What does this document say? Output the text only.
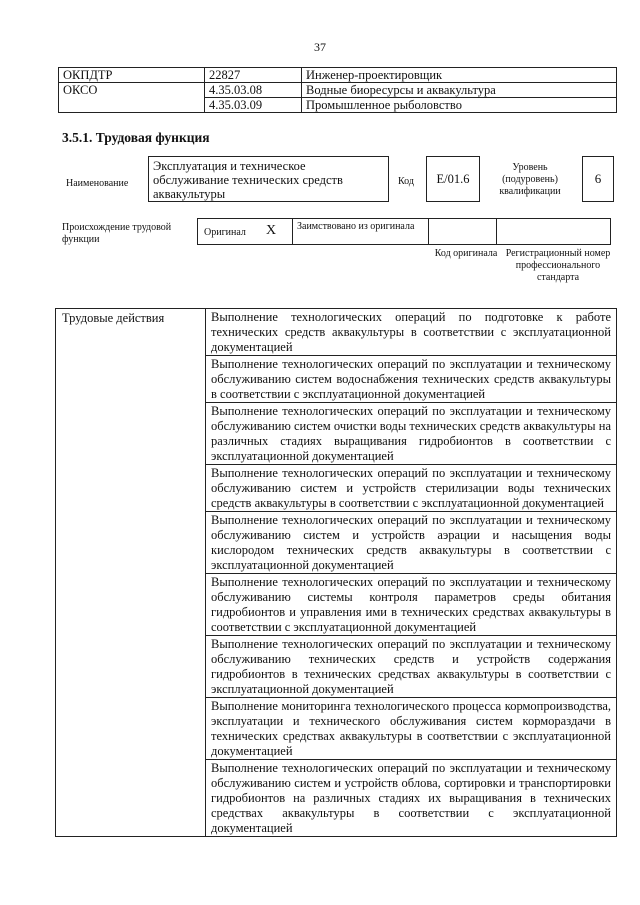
37
ОКПДТР	22827	Инженер-проектировщик
ОКСО	4.35.03.08	Водные биоресурсы и аквакультура
	4.35.03.09	Промышленное рыболовство
3.5.1. Трудовая функция
Наименование
Эксплуатация и техническое обслуживание технических средств аквакультуры
Код	E/01.6
Уровень (подуровень) квалификации
6
Происхождение трудовой функции
Оригинал X Заимствовано из оригинала
Код оригинала Регистрационный номер профессионального стандарта
Трудовые действия	Выполнение технологических операций по подготовке к работе технических средств аквакультуры в соответствии с эксплуатационной документацией
Выполнение технологических операций по эксплуатации и техническому обслуживанию систем водоснабжения технических средств аквакультуры в соответствии с эксплуатационной документацией
Выполнение технологических операций по эксплуатации и техническому обслуживанию систем очистки воды технических средств аквакультуры на различных стадиях выращивания гидробионтов в соответствии с эксплуатационной документацией
Выполнение технологических операций по эксплуатации и техническому обслуживанию систем и устройств стерилизации воды технических средств аквакультуры в соответствии с эксплуатационной документацией
Выполнение технологических операций по эксплуатации и техническому обслуживанию систем и устройств аэрации и насыщения воды кислородом технических средств аквакультуры в соответствии с эксплуатационной документацией
Выполнение технологических операций по эксплуатации и техническому обслуживанию системы контроля параметров среды обитания гидробионтов и управления ими в технических средствах аквакультуры в соответствии с эксплуатационной документацией
Выполнение технологических операций по эксплуатации и техническому обслуживанию технических средств и устройств содержания гидробионтов в технических средствах аквакультуры в соответствии с эксплуатационной документацией
Выполнение мониторинга технологического процесса кормопроизводства, эксплуатации и технического обслуживания систем кормораздачи в технических средствах аквакультуры в соответствии с эксплуатационной документацией
Выполнение технологических операций по эксплуатации и техническому обслуживанию систем и устройств облова, сортировки и транспортировки гидробионтов на различных стадиях их выращивания в технических средствах аквакультуры в соответствии с эксплуатационной документацией
